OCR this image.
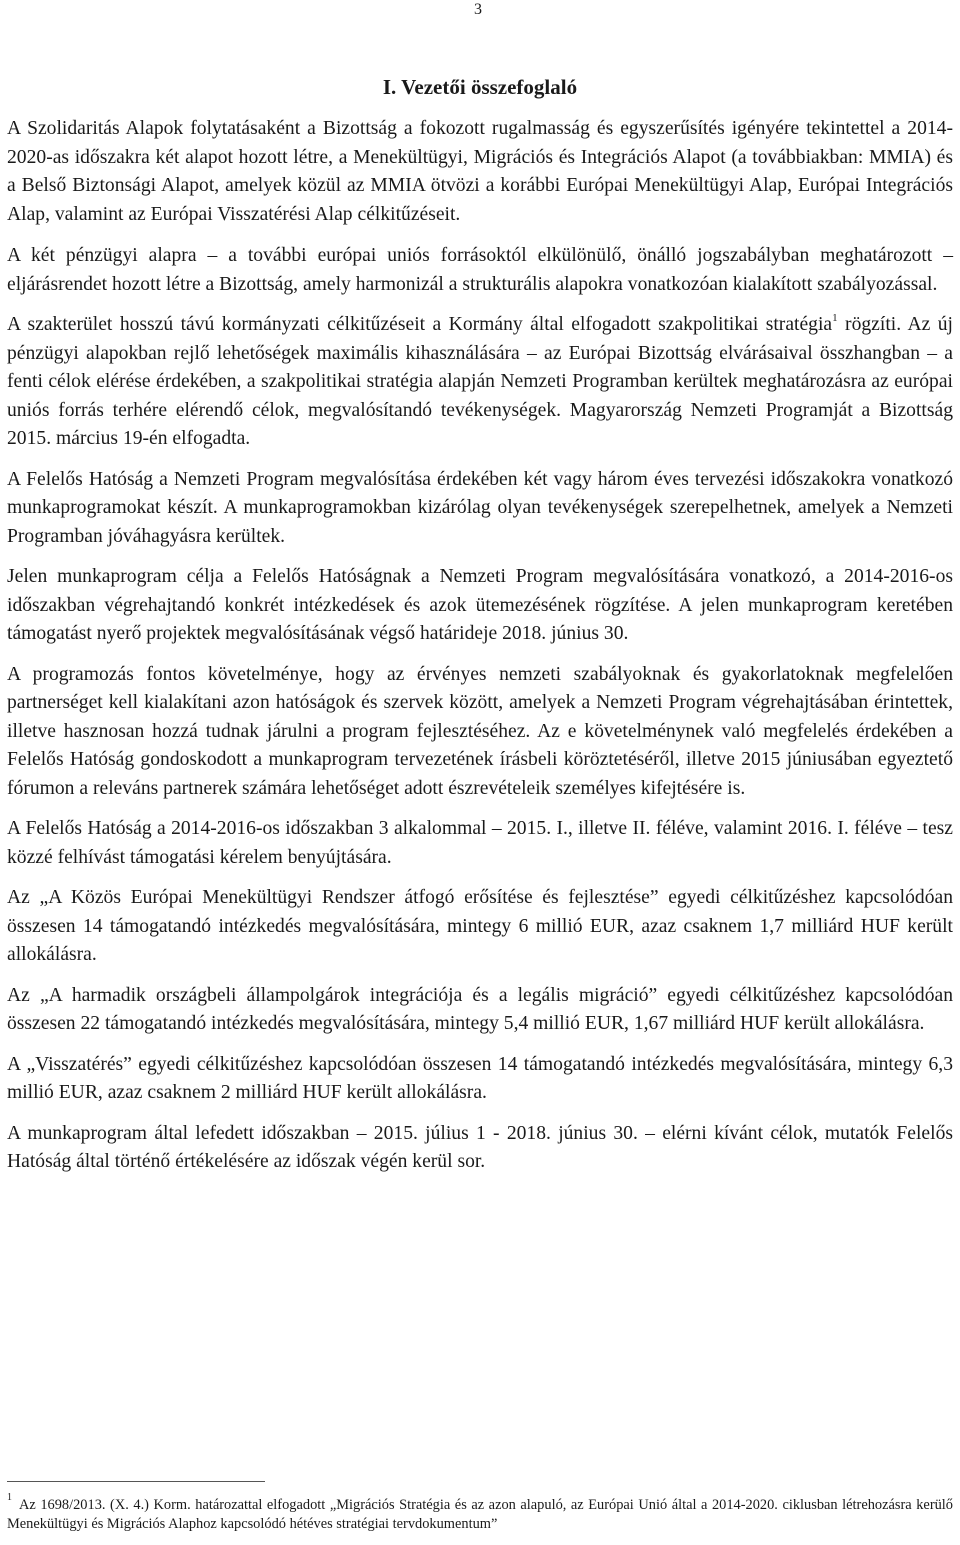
3
I. Vezetői összefoglaló

A Szolidaritás Alapok folytatásaként a Bizottság a fokozott rugalmasság és egyszerűsítés igényére tekintettel a 2014-2020-as időszakra két alapot hozott létre, a Menekültügyi, Migrációs és Integrációs Alapot (a továbbiakban: MMIA) és a Belső Biztonsági Alapot, amelyek közül az MMIA ötvözi a korábbi Európai Menekültügyi Alap, Európai Integrációs Alap, valamint az Európai Visszatérési Alap célkitűzéseit.

A két pénzügyi alapra – a további európai uniós forrásoktól elkülönülő, önálló jogszabályban meghatározott – eljárásrendet hozott létre a Bizottság, amely harmonizál a strukturális alapokra vonatkozóan kialakított szabályozással.

A szakterület hosszú távú kormányzati célkitűzéseit a Kormány által elfogadott szakpolitikai stratégia$^1$ rögzíti. Az új pénzügyi alapokban rejlő lehetőségek maximális kihasználására – az Európai Bizottság elvárásaival összhangban – a fenti célok elérése érdekében, a szakpolitikai stratégia alapján Nemzeti Programban kerültek meghatározásra az európai uniós forrás terhére elérendő célok, megvalósítandó tevékenységek. Magyarország Nemzeti Programját a Bizottság 2015. március 19-én elfogadta.

A Felelős Hatóság a Nemzeti Program megvalósítása érdekében két vagy három éves tervezési időszakokra vonatkozó munkaprogramokat készít. A munkaprogramokban kizárólag olyan tevékenységek szerepelhetnek, amelyek a Nemzeti Programban jóváhagyásra kerültek.

Jelen munkaprogram célja a Felelős Hatóságnak a Nemzeti Program megvalósítására vonatkozó, a 2014-2016-os időszakban végrehajtandó konkrét intézkedések és azok ütemezésének rögzítése. A jelen munkaprogram keretében támogatást nyerő projektek megvalósításának végső határideje 2018. június 30.

A programozás fontos követelménye, hogy az érvényes nemzeti szabályoknak és gyakorlatoknak megfelelően partnerséget kell kialakítani azon hatóságok és szervek között, amelyek a Nemzeti Program végrehajtásában érintettek, illetve hasznosan hozzá tudnak járulni a program fejlesztéséhez. Az e követelménynek való megfelelés érdekében a Felelős Hatóság gondoskodott a munkaprogram tervezetének írásbeli köröztetéséről, illetve 2015 júniusában egyeztető fórumon a releváns partnerek számára lehetőséget adott észrevételeik személyes kifejtésére is.

A Felelős Hatóság a 2014-2016-os időszakban 3 alkalommal – 2015. I., illetve II. féléve, valamint 2016. I. féléve – tesz közzé felhívást támogatási kérelem benyújtására.

Az „A Közös Európai Menekültügyi Rendszer átfogó erősítése és fejlesztése” egyedi célkitűzéshez kapcsolódóan összesen 14 támogatandó intézkedés megvalósítására, mintegy 6 millió EUR, azaz csaknem 1,7 milliárd HUF került allokálásra.

Az „A harmadik országbeli állampolgárok integrációja és a legális migráció” egyedi célkitűzéshez kapcsolódóan összesen 22 támogatandó intézkedés megvalósítására, mintegy 5,4 millió EUR, 1,67 milliárd HUF került allokálásra.

A „Visszatérés” egyedi célkitűzéshez kapcsolódóan összesen 14 támogatandó intézkedés megvalósítására, mintegy 6,3 millió EUR, azaz csaknem 2 milliárd HUF került allokálásra.

A munkaprogram által lefedett időszakban – 2015. július 1 - 2018. június 30. – elérni kívánt célok, mutatók Felelős Hatóság által történő értékelésére az időszak végén kerül sor.

$^1$ Az 1698/2013. (X. 4.) Korm. határozattal elfogadott „Migrációs Stratégia és az azon alapuló, az Európai Unió által a 2014-2020. ciklusban létrehozásra kerülő Menekültügyi és Migrációs Alaphoz kapcsolódó hétéves stratégiai tervdokumentum”
